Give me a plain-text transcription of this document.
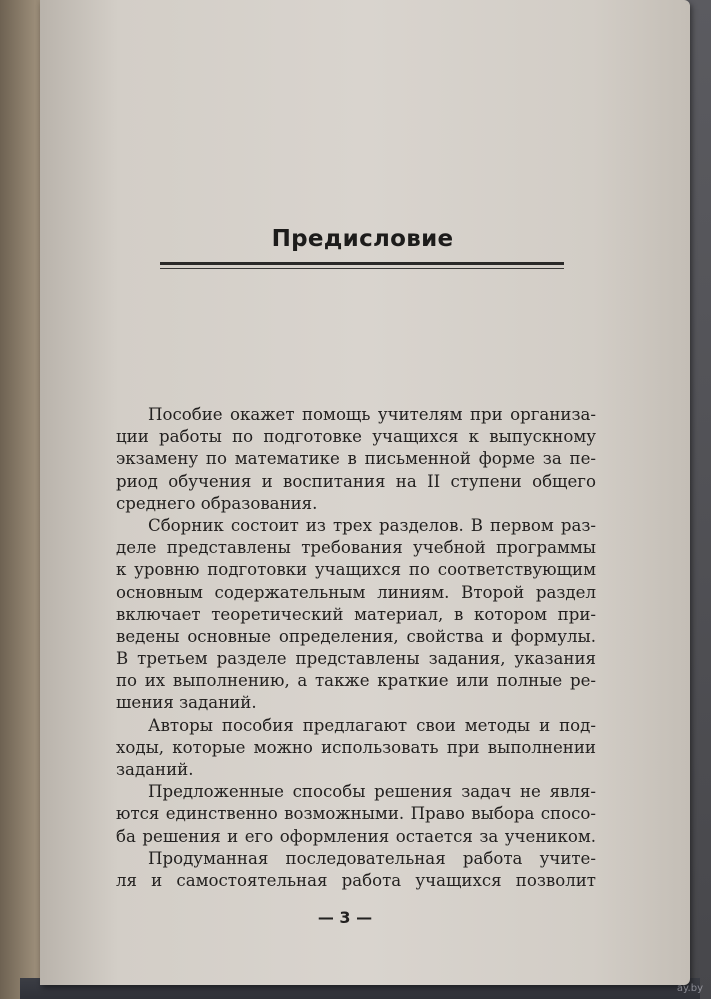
Предисловие
Пособие окажет помощь учителям при организа-
ции работы по подготовке учащихся к выпускному
экзамену по математике в письменной форме за пе-
риод обучения и воспитания на II ступени общего
среднего образования.
Сборник состоит из трех разделов. В первом раз-
деле представлены требования учебной программы
к уровню подготовки учащихся по соответствующим
основным содержательным линиям. Второй раздел
включает теоретический материал, в котором при-
ведены основные определения, свойства и формулы.
В третьем разделе представлены задания, указания
по их выполнению, а также краткие или полные ре-
шения заданий.
Авторы пособия предлагают свои методы и под-
ходы, которые можно использовать при выполнении
заданий.
Предложенные способы решения задач не явля-
ются единственно возможными. Право выбора спосо-
ба решения и его оформления остается за учеником.
Продуманная последовательная работа учите-
ля и самостоятельная работа учащихся позволит
— 3 —
ay.by
